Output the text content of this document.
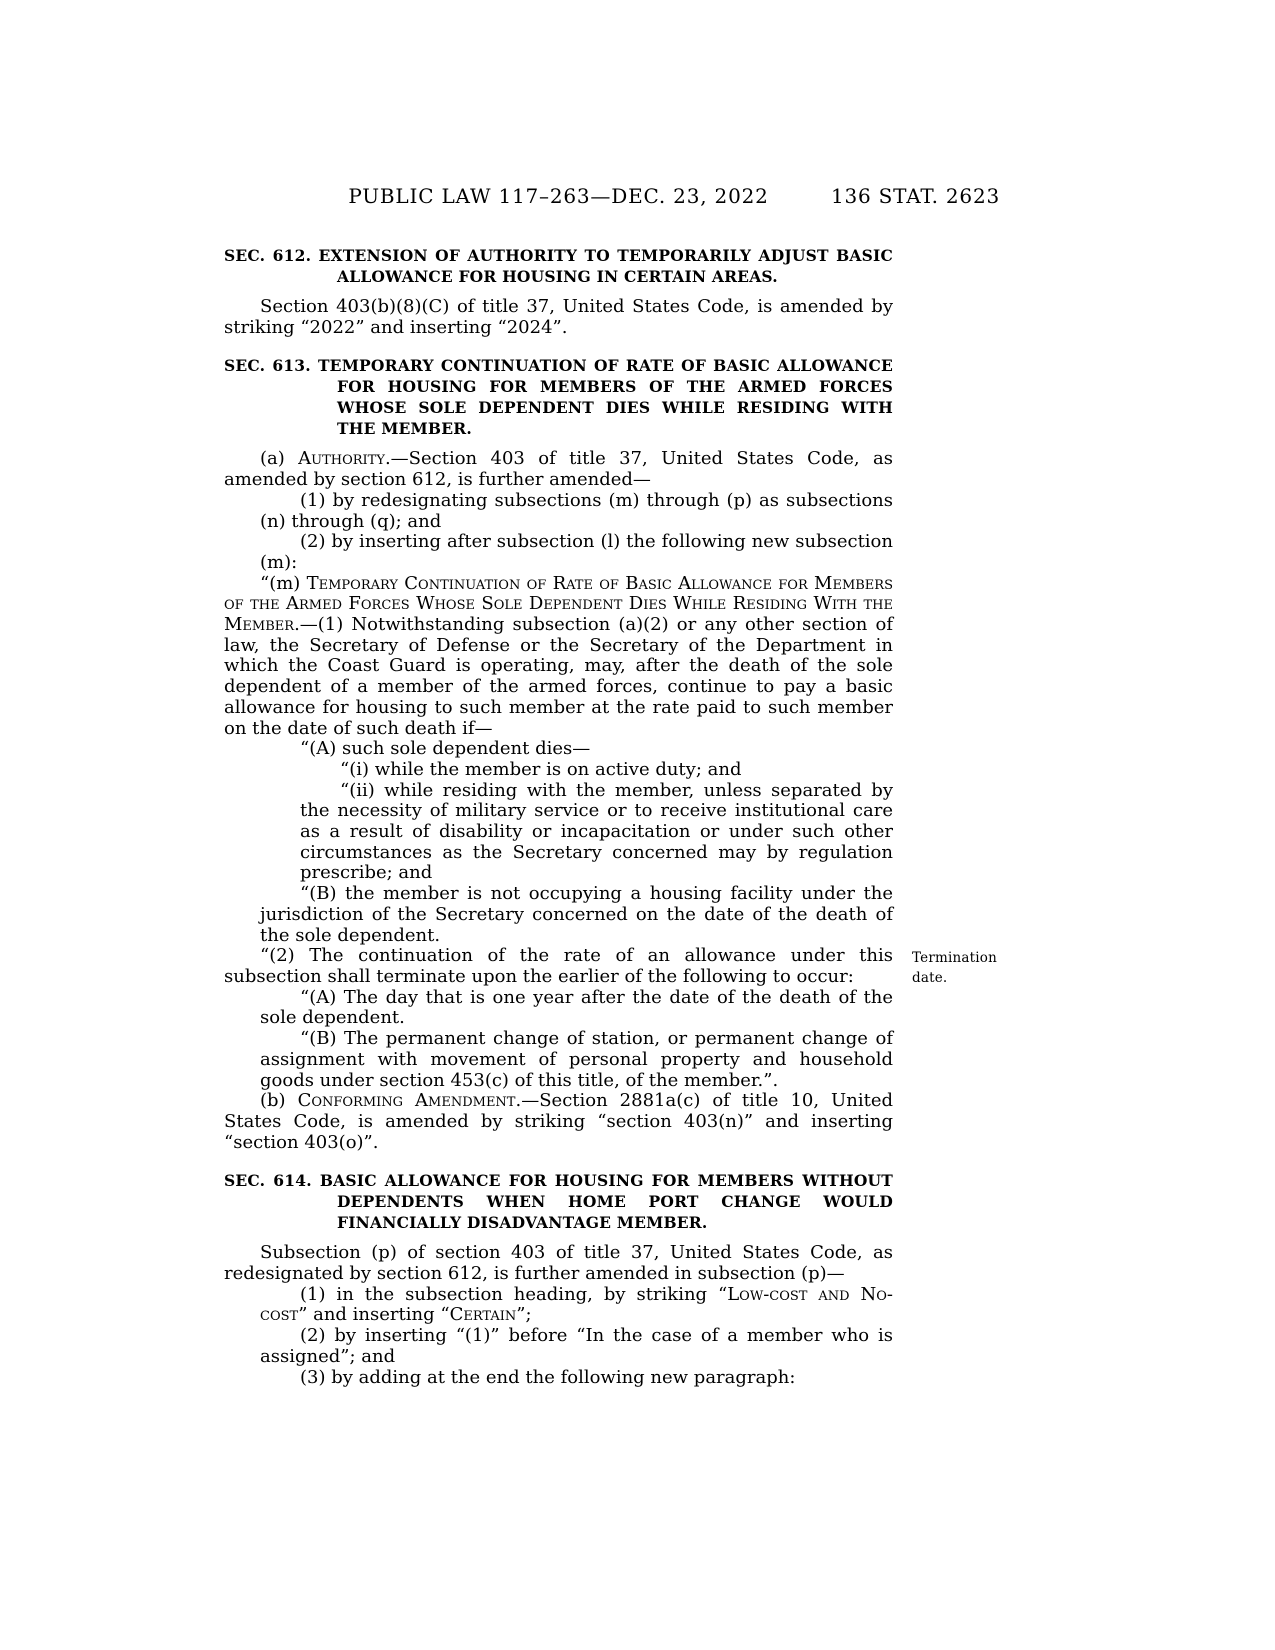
PUBLIC LAW 117–263—DEC. 23, 2022	136 STAT. 2623
SEC. 612. EXTENSION OF AUTHORITY TO TEMPORARILY ADJUST BASIC ALLOWANCE FOR HOUSING IN CERTAIN AREAS.
Section 403(b)(8)(C) of title 37, United States Code, is amended by striking “2022” and inserting “2024”.
SEC. 613. TEMPORARY CONTINUATION OF RATE OF BASIC ALLOWANCE FOR HOUSING FOR MEMBERS OF THE ARMED FORCES WHOSE SOLE DEPENDENT DIES WHILE RESIDING WITH THE MEMBER.
(a) Authority.—Section 403 of title 37, United States Code, as amended by section 612, is further amended—
(1) by redesignating subsections (m) through (p) as subsections (n) through (q); and
(2) by inserting after subsection (l) the following new subsection (m):
“(m) Temporary Continuation of Rate of Basic Allowance for Members of the Armed Forces Whose Sole Dependent Dies While Residing With the Member.—(1) Notwithstanding subsection (a)(2) or any other section of law, the Secretary of Defense or the Secretary of the Department in which the Coast Guard is operating, may, after the death of the sole dependent of a member of the armed forces, continue to pay a basic allowance for housing to such member at the rate paid to such member on the date of such death if—
“(A) such sole dependent dies—
“(i) while the member is on active duty; and
“(ii) while residing with the member, unless separated by the necessity of military service or to receive institutional care as a result of disability or incapacitation or under such other circumstances as the Secretary concerned may by regulation prescribe; and
“(B) the member is not occupying a housing facility under the jurisdiction of the Secretary concerned on the date of the death of the sole dependent.
“(2) The continuation of the rate of an allowance under this subsection shall terminate upon the earlier of the following to occur:
Termination date.
“(A) The day that is one year after the date of the death of the sole dependent.
“(B) The permanent change of station, or permanent change of assignment with movement of personal property and household goods under section 453(c) of this title, of the member.”.
(b) Conforming Amendment.—Section 2881a(c) of title 10, United States Code, is amended by striking “section 403(n)” and inserting “section 403(o)”.
SEC. 614. BASIC ALLOWANCE FOR HOUSING FOR MEMBERS WITHOUT DEPENDENTS WHEN HOME PORT CHANGE WOULD FINANCIALLY DISADVANTAGE MEMBER.
Subsection (p) of section 403 of title 37, United States Code, as redesignated by section 612, is further amended in subsection (p)—
(1) in the subsection heading, by striking “Low-cost and No-cost” and inserting “Certain”;
(2) by inserting “(1)” before “In the case of a member who is assigned”; and
(3) by adding at the end the following new paragraph:
